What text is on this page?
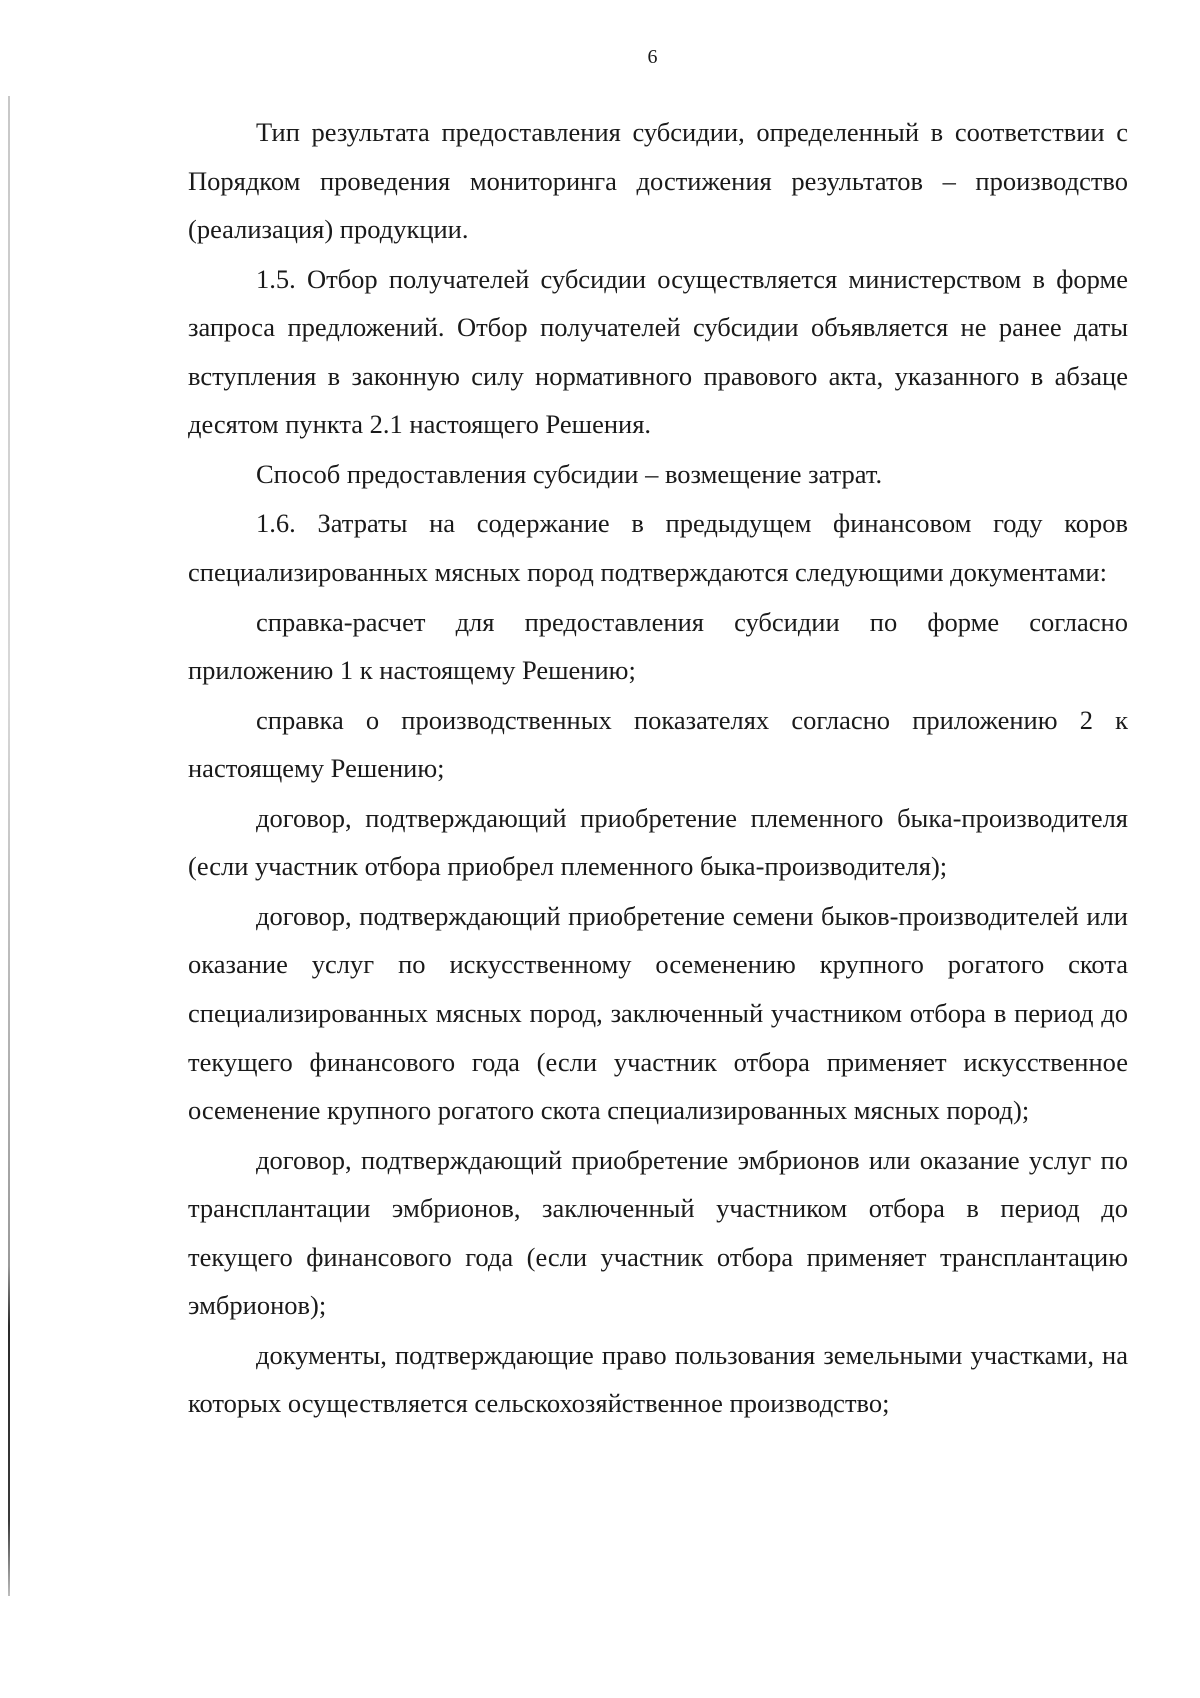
6

Тип результата предоставления субсидии, определенный в соответствии с Порядком проведения мониторинга достижения результатов – производство (реализация) продукции.

1.5. Отбор получателей субсидии осуществляется министерством в форме запроса предложений. Отбор получателей субсидии объявляется не ранее даты вступления в законную силу нормативного правового акта, указанного в абзаце десятом пункта 2.1 настоящего Решения.

Способ предоставления субсидии – возмещение затрат.

1.6. Затраты на содержание в предыдущем финансовом году коров специализированных мясных пород подтверждаются следующими документами:

справка-расчет для предоставления субсидии по форме согласно приложению 1 к настоящему Решению;

справка о производственных показателях согласно приложению 2 к настоящему Решению;

договор, подтверждающий приобретение племенного быка-производителя (если участник отбора приобрел племенного быка-производителя);

договор, подтверждающий приобретение семени быков-производителей или оказание услуг по искусственному осеменению крупного рогатого скота специализированных мясных пород, заключенный участником отбора в период до текущего финансового года (если участник отбора применяет искусственное осеменение крупного рогатого скота специализированных мясных пород);

договор, подтверждающий приобретение эмбрионов или оказание услуг по трансплантации эмбрионов, заключенный участником отбора в период до текущего финансового года (если участник отбора применяет трансплантацию эмбрионов);

документы, подтверждающие право пользования земельными участками, на которых осуществляется сельскохозяйственное производство;
